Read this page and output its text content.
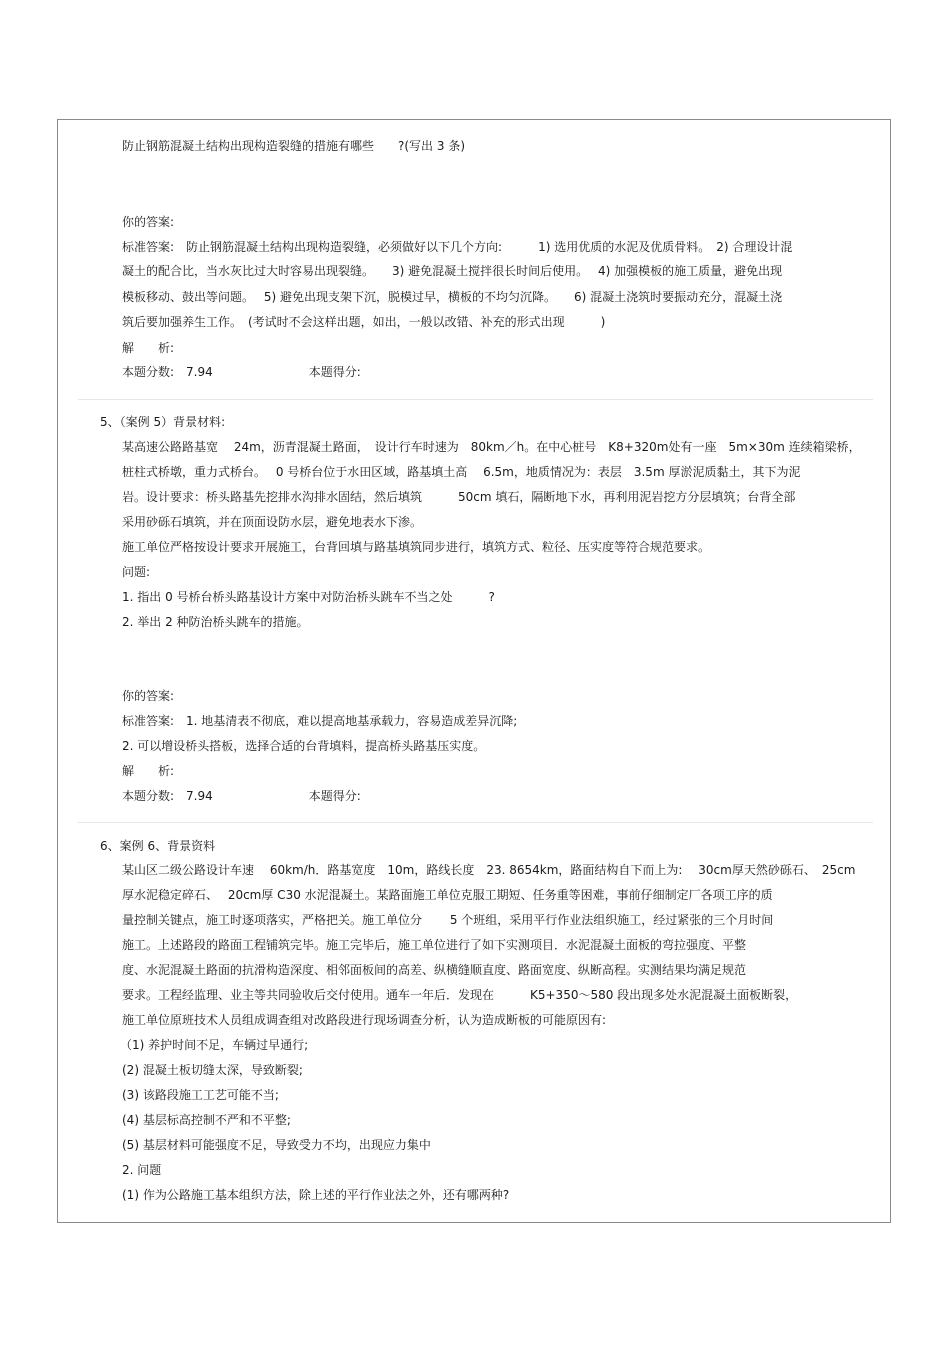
防止钢筋混凝土结构出现构造裂缝的措施有哪些　　?(写出 3 条)
你的答案:
标准答案:　防止钢筋混凝土结构出现构造裂缝，必须做好以下几个方向:　　　1) 选用优质的水泥及优质骨料。　2) 合理设计混
凝土的配合比，当水灰比过大时容易出现裂缝。　　3) 避免混凝土搅拌很长时间后使用。　 4) 加强模板的施工质量，避免出现
模板移动、鼓出等问题。　 5) 避免出现支架下沉，脱模过早，横板的不均匀沉降。　　6) 混凝土浇筑时要振动充分，混凝土浇
筑后要加强养生工作。　(考试时不会这样出题，如出，一般以改错、补充的形式出现　　　)
解　　析:
本题分数:　7.94　　　　　　　　本题得分:
5、（案例 5）背景材料:
某高速公路路基宽　 24m，沥青混凝土路面，　设计行车时速为　80km／h。在中心桩号　K8+320m处有一座　5m×30m 连续箱梁桥，
桩柱式桥墩，重力式桥台。　 0 号桥台位于水田区域，路基填土高　 6.5m，地质情况为：表层　3.5m 厚淤泥质黏土，其下为泥
岩。设计要求：桥头路基先挖排水沟排水固结，然后填筑　　　50cm 填石，隔断地下水，再利用泥岩挖方分层填筑；台背全部
采用砂砾石填筑，并在顶面设防水层，避免地表水下渗。
施工单位严格按设计要求开展施工，台背回填与路基填筑同步进行，填筑方式、粒径、压实度等符合规范要求。
问题:
1. 指出 0 号桥台桥头路基设计方案中对防治桥头跳车不当之处　　　?
2. 举出 2 种防治桥头跳车的措施。
你的答案:
标准答案:　1. 地基清表不彻底，难以提高地基承载力，容易造成差异沉降;
2. 可以增设桥头搭板，选择合适的台背填料，提高桥头路基压实度。
解　　析:
本题分数:　7.94　　　　　　　　本题得分:
6、案例 6、背景资料
某山区二级公路设计车速　 60km/h．路基宽度　10m，路线长度　23. 8654km，路面结构自下而上为:　 30cm厚天然砂砾石、　25cm
厚水泥稳定碎石、　 20cm厚 C30 水泥混凝土。某路面施工单位克服工期短、任务重等困难，事前仔细制定厂各项工序的质
量控制关键点，施工时逐项落实，严格把关。施工单位分　　 5 个班组，采用平行作业法组织施工，经过紧张的三个月时间
施工。上述路段的路面工程铺筑完毕。施工完毕后，施工单位进行了如下实测项目．水泥混凝土面板的弯拉强度、平整
度、水泥混凝土路面的抗滑构造深度、相邻面板间的高差、纵横缝顺直度、路面宽度、纵断高程。实测结果均满足规范
要求。工程经监理、业主等共同验收后交付使用。通车一年后．发现在　　　K5+350～580 段出现多处水泥混凝土面板断裂，
施工单位原班技术人员组成调查组对改路段进行现场调查分析，认为造成断板的可能原因有:
（1) 养护时间不足，车辆过早通行;
(2) 混凝土板切缝太深，导致断裂;
(3) 该路段施工工艺可能不当;
(4) 基层标高控制不严和不平整;
(5) 基层材料可能强度不足，导致受力不均，出现应力集中
2. 问题
(1) 作为公路施工基本组织方法，除上述的平行作业法之外，还有哪两种?
